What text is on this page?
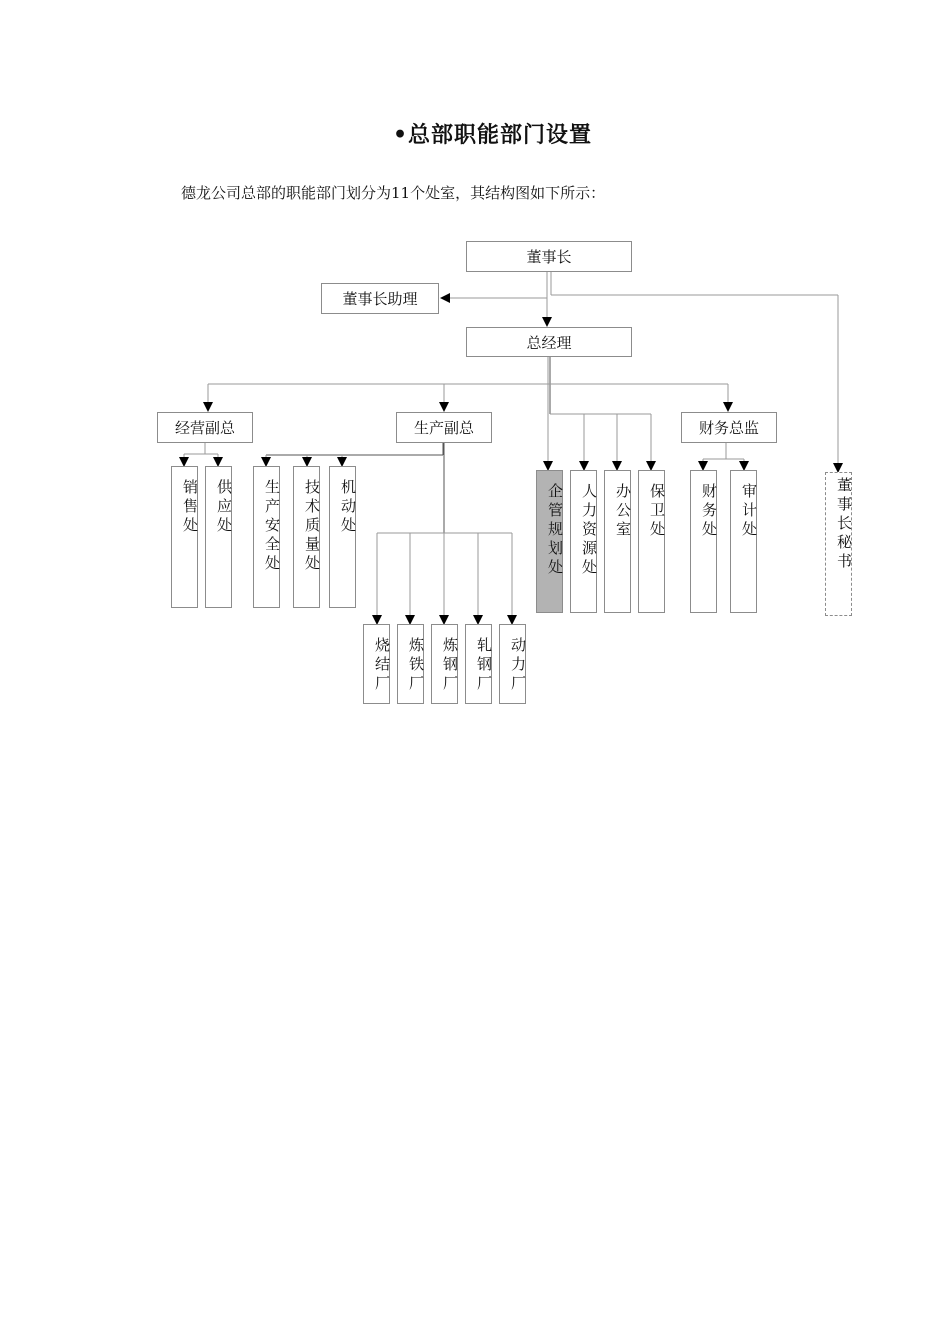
•总部职能部门设置
德龙公司总部的职能部门划分为11个处室，其结构图如下所示：
董事长
董事长助理
总经理
经营副总	生产副总	财务总监
销售处 供应处 生产安全处 技术质量处 机动处
烧结厂 炼铁厂 炼钢厂 轧钢厂 动力厂
企管规划处 人力资源处 办公室 保卫处 财务处 审计处	董事长秘书
